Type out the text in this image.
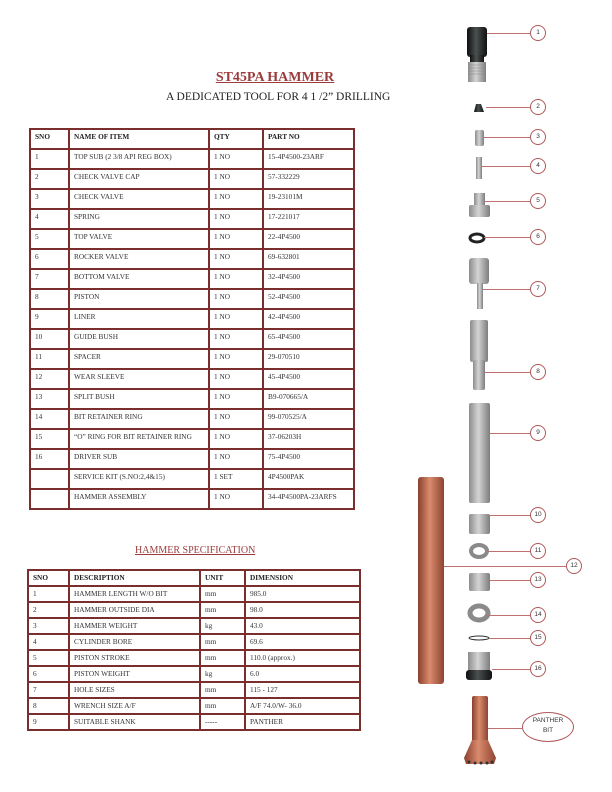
ST45PA HAMMER
A DEDICATED TOOL FOR 4 1 /2” DRILLING
SNO	NAME OF ITEM	QTY	PART NO
1	TOP SUB (2 3/8 API REG BOX)	1 NO	15-4P4500-23ARF
2	CHECK VALVE CAP	1 NO	57-332229
3	CHECK VALVE	1 NO	19-23101M
4	SPRING	1 NO	17-221017
5	TOP VALVE	1 NO	22-4P4500
6	ROCKER VALVE	1 NO	69-632801
7	BOTTOM VALVE	1 NO	32-4P4500
8	PISTON	1 NO	52-4P4500
9	LINER	1 NO	42-4P4500
10	GUIDE BUSH	1 NO	65-4P4500
11	SPACER	1 NO	29-070510
12	WEAR SLEEVE	1 NO	45-4P4500
13	SPLIT BUSH	1 NO	B9-070665/A
14	BIT RETAINER RING	1 NO	99-070525/A
15	“O” RING FOR BIT RETAINER RING	1 NO	37-06203H
16	DRIVER SUB	1 NO	75-4P4500
	SERVICE KIT (S.NO:2,4&15)	1 SET	4P4500PAK
	HAMMER ASSEMBLY	1 NO	34-4P4500PA-23ARFS
HAMMER SPECIFICATION
SNO	DESCRIPTION	UNIT	DIMENSION
1	HAMMER LENGTH W/O BIT	mm	985.0
2	HAMMER OUTSIDE DIA	mm	98.0
3	HAMMER WEIGHT	kg	43.0
4	CYLINDER BORE	mm	69.6
5	PISTON STROKE	mm	110.0 (approx.)
6	PISTON WEIGHT	kg	6.0
7	HOLE SIZES	mm	115 - 127
8	WRENCH SIZE A/F	mm	A/F 74.0/W- 36.0
9	SUITABLE SHANK	-----	PANTHER
1
2
3
4
5
6
7
8
9
10
11
12
13
14
15
16
PANTHER
BIT
